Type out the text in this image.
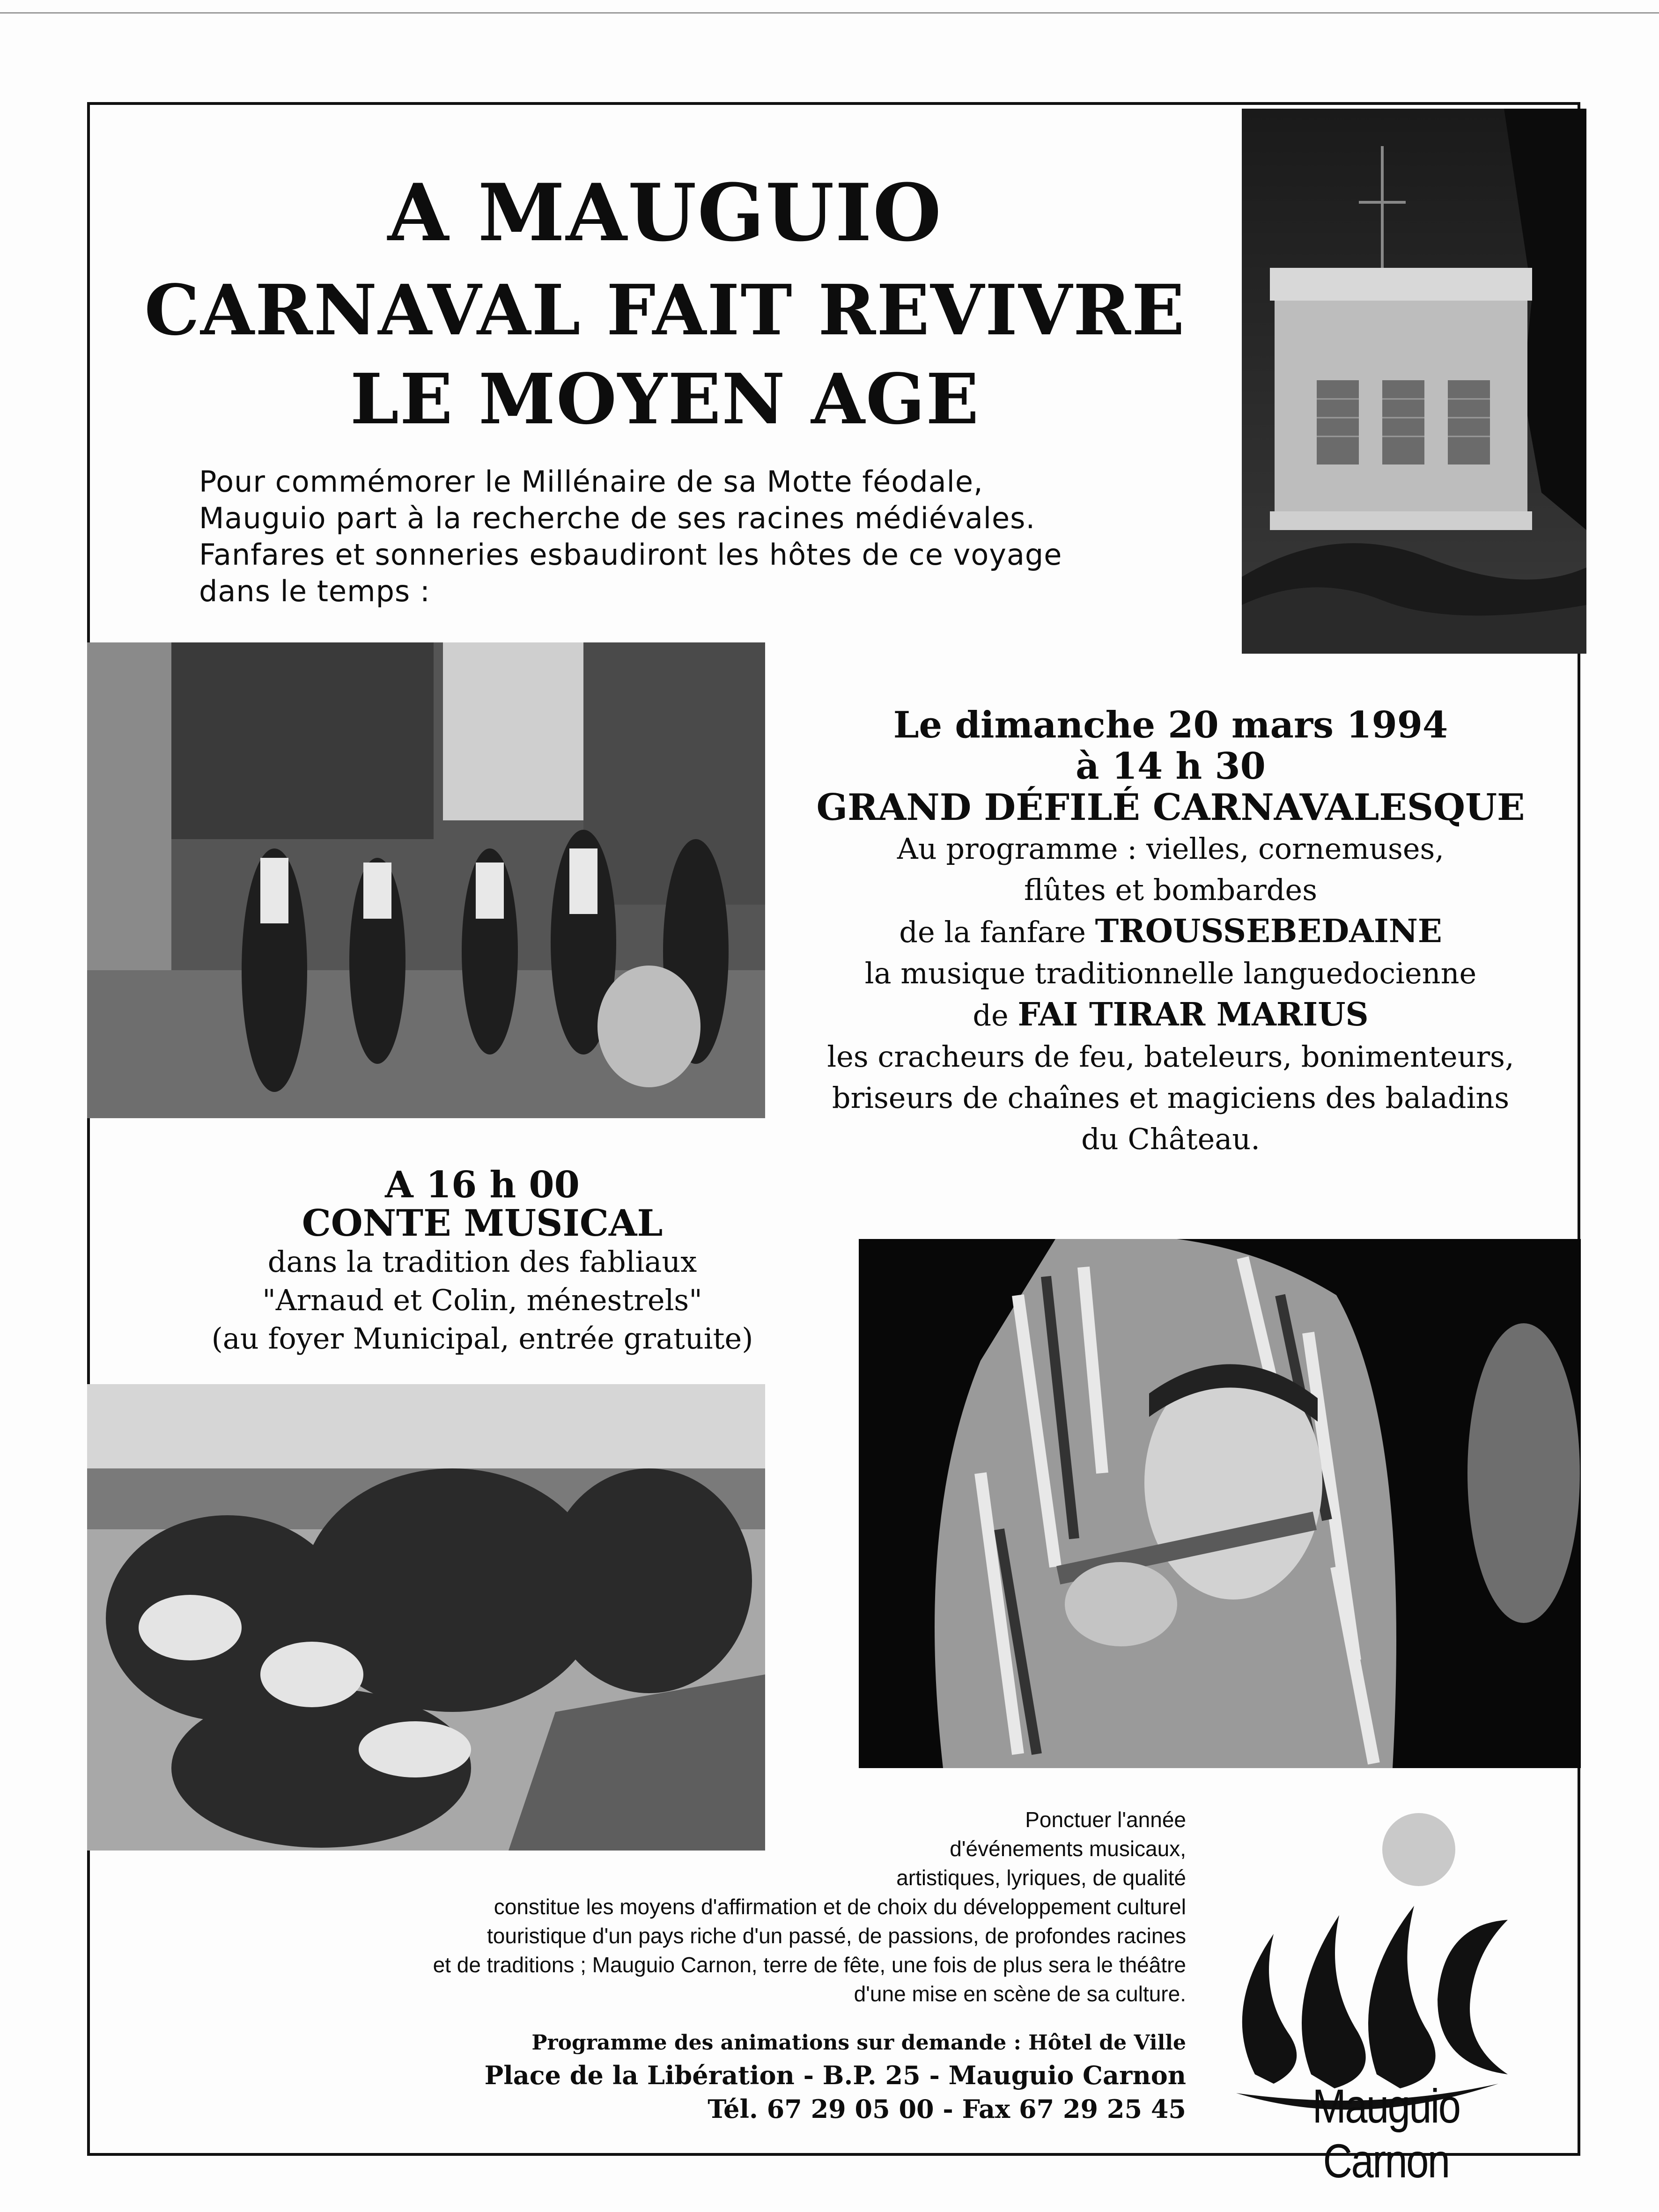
A MAUGUIO
CARNAVAL FAIT REVIVRE
LE MOYEN AGE
Pour commémorer le Millénaire de sa Motte féodale,
Mauguio part à la recherche de ses racines médiévales.
Fanfares et sonneries esbaudiront les hôtes de ce voyage
dans le temps :
Le dimanche 20 mars 1994
à 14 h 30
GRAND DÉFILÉ CARNAVALESQUE
Au programme : vielles, cornemuses,
flûtes et bombardes
de la fanfare TROUSSEBEDAINE
la musique traditionnelle languedocienne
de FAI TIRAR MARIUS
les cracheurs de feu, bateleurs, bonimenteurs,
briseurs de chaînes et magiciens des baladins
du Château.
A 16 h 00
CONTE MUSICAL
dans la tradition des fabliaux
"Arnaud et Colin, ménestrels"
(au foyer Municipal, entrée gratuite)
Ponctuer l'année
d'événements musicaux,
artistiques, lyriques, de qualité
constitue les moyens d'affirmation et de choix du développement culturel
touristique d'un pays riche d'un passé, de passions, de profondes racines
et de traditions ; Mauguio Carnon, terre de fête, une fois de plus sera le théâtre
d'une mise en scène de sa culture.
Programme des animations sur demande : Hôtel de Ville
Place de la Libération - B.P. 25 - Mauguio Carnon
Tél. 67 29 05 00 - Fax 67 29 25 45	Mauguio Carnon
